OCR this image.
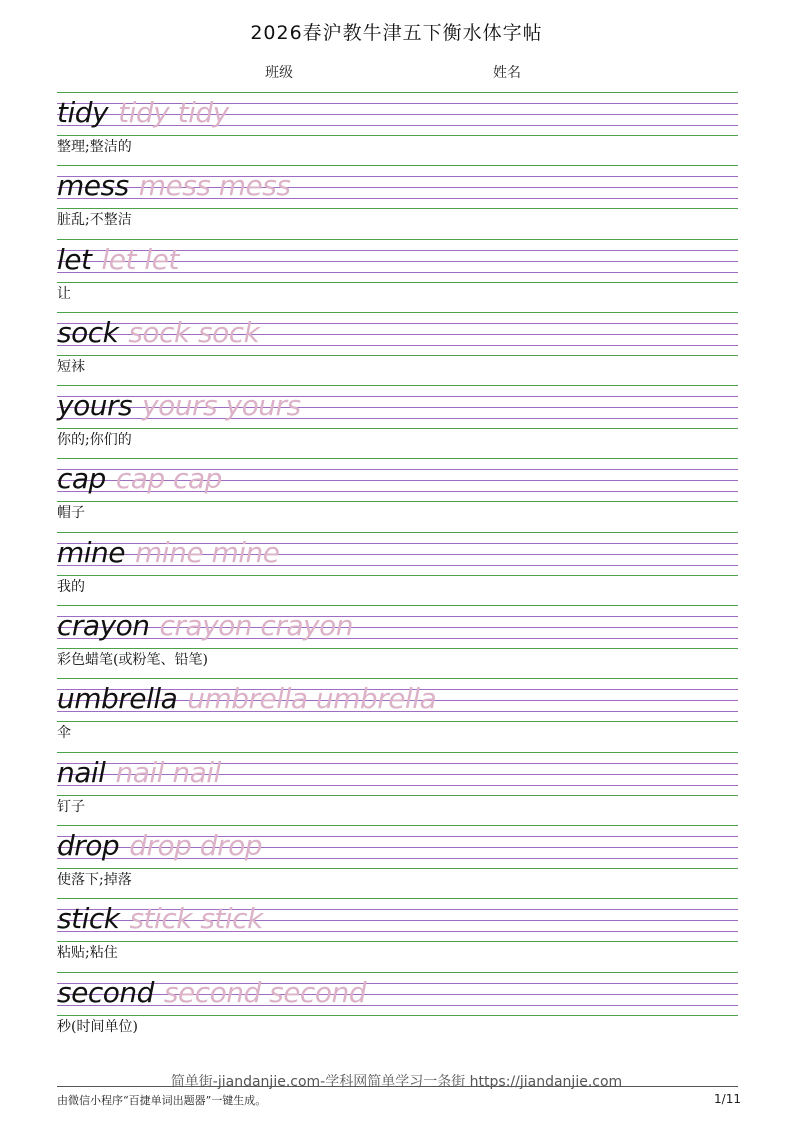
2026春沪教牛津五下衡水体字帖
班级	姓名
tidy tidy tidy
整理;整洁的
mess mess mess
脏乱;不整洁
let let let
让
sock sock sock
短袜
yours yours yours
你的;你们的
cap cap cap
帽子
mine mine mine
我的
crayon crayon crayon
彩色蜡笔(或粉笔、铅笔)
umbrella umbrella umbrella
伞
nail nail nail
钉子
drop drop drop
使落下;掉落
stick stick stick
粘贴;粘住
second second second
秒(时间单位)
简单街-jiandanjie.com-学科网简单学习一条街 https://jiandanjie.com
由微信小程序“百捷单词出题器”一键生成。	1/11
